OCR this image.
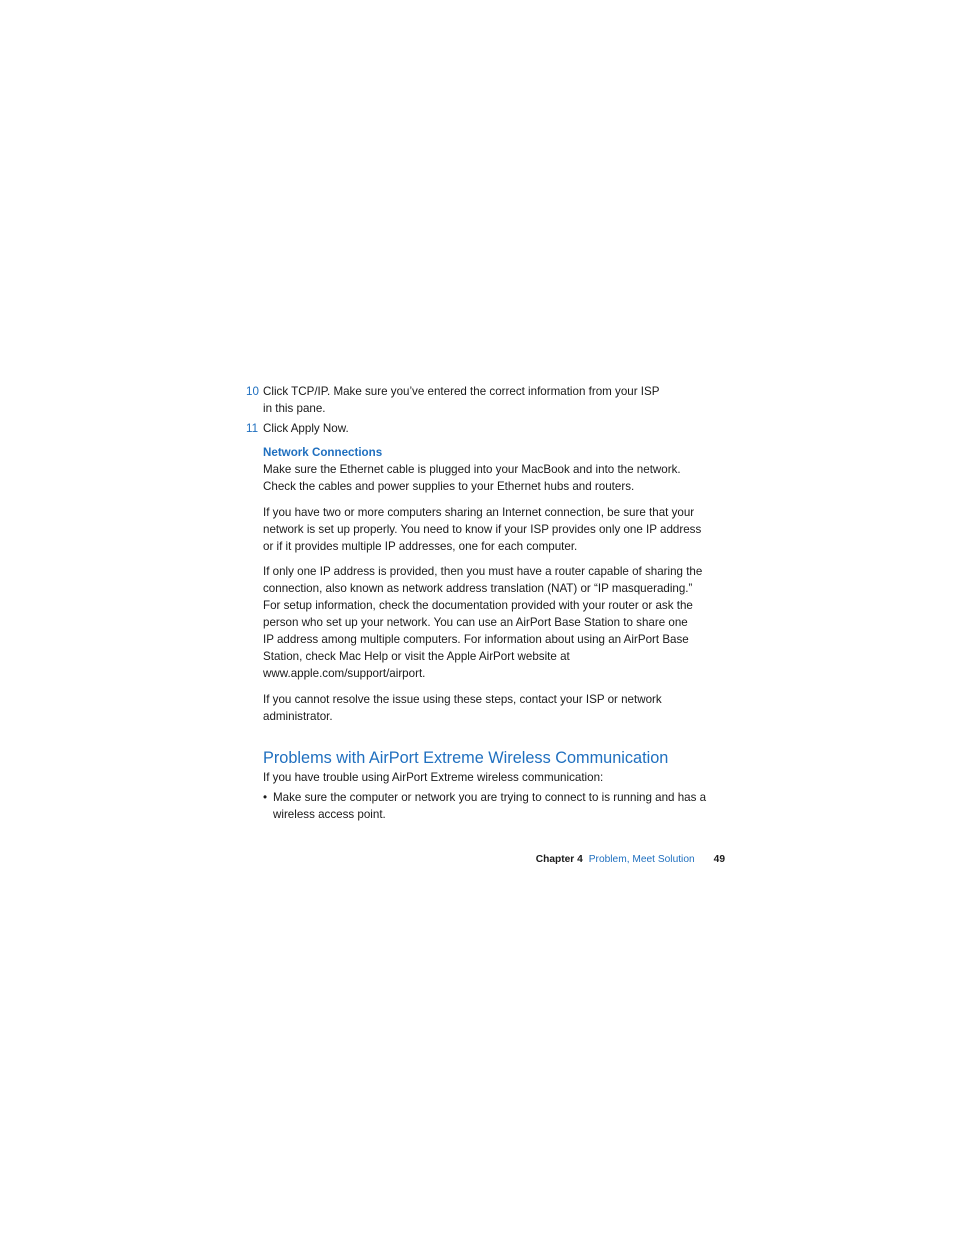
10 Click TCP/IP. Make sure you’ve entered the correct information from your ISP
in this pane.
11 Click Apply Now.
Network Connections
Make sure the Ethernet cable is plugged into your MacBook and into the network.
Check the cables and power supplies to your Ethernet hubs and routers.
If you have two or more computers sharing an Internet connection, be sure that your
network is set up properly. You need to know if your ISP provides only one IP address
or if it provides multiple IP addresses, one for each computer.
If only one IP address is provided, then you must have a router capable of sharing the
connection, also known as network address translation (NAT) or “IP masquerading.”
For setup information, check the documentation provided with your router or ask the
person who set up your network. You can use an AirPort Base Station to share one
IP address among multiple computers. For information about using an AirPort Base
Station, check Mac Help or visit the Apple AirPort website at
www.apple.com/support/airport.
If you cannot resolve the issue using these steps, contact your ISP or network
administrator.
Problems with AirPort Extreme Wireless Communication
If you have trouble using AirPort Extreme wireless communication:
• Make sure the computer or network you are trying to connect to is running and has a
wireless access point.
Chapter 4 Problem, Meet Solution 49
